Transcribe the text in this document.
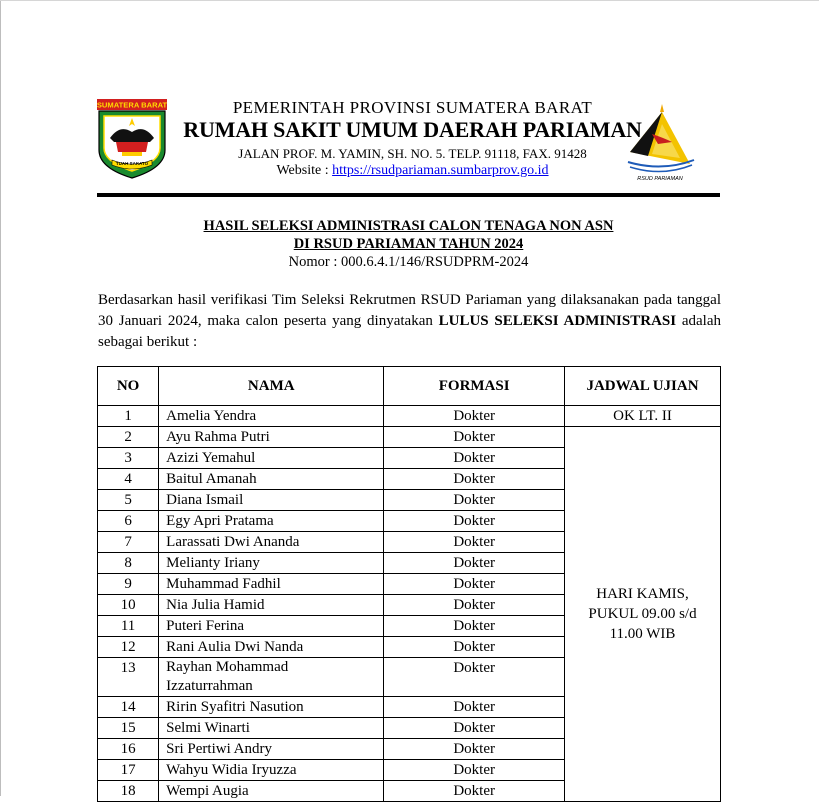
SUMATERA BARAT
TUAH SAKATO
PEMERINTAH PROVINSI SUMATERA BARAT
RUMAH SAKIT UMUM DAERAH PARIAMAN
JALAN PROF. M. YAMIN, SH. NO. 5. TELP. 91118, FAX. 91428
Website : https://rsudpariaman.sumbarprov.go.id
RSUD PARIAMAN
HASIL SELEKSI ADMINISTRASI CALON TENAGA NON ASN
DI RSUD PARIAMAN TAHUN 2024
Nomor : 000.6.4.1/146/RSUDPRM-2024
Berdasarkan hasil verifikasi Tim Seleksi Rekrutmen RSUD Pariaman yang dilaksanakan pada tanggal 30 Januari 2024, maka calon peserta yang dinyatakan LULUS SELEKSI ADMINISTRASI adalah sebagai berikut :
NO	NAMA	FORMASI	JADWAL UJIAN
1	Amelia Yendra	Dokter	OK LT. II
2	Ayu Rahma Putri	Dokter	HARI KAMIS,
PUKUL 09.00 s/d
11.00 WIB

3	Azizi Yemahul	Dokter	
4	Baitul Amanah	Dokter	
5	Diana Ismail	Dokter	
6	Egy Apri Pratama	Dokter	
7	Larassati Dwi Ananda	Dokter	
8	Melianty Iriany	Dokter	
9	Muhammad Fadhil	Dokter	
10	Nia Julia Hamid	Dokter	
11	Puteri Ferina	Dokter	
12	Rani Aulia Dwi Nanda	Dokter	
13	Rayhan Mohammad
Izzaturrahman	Dokter	
14	Ririn Syafitri Nasution	Dokter	
15	Selmi Winarti	Dokter	
16	Sri Pertiwi Andry	Dokter	
17	Wahyu Widia Iryuzza	Dokter	
18	Wempi Augia	Dokter	
